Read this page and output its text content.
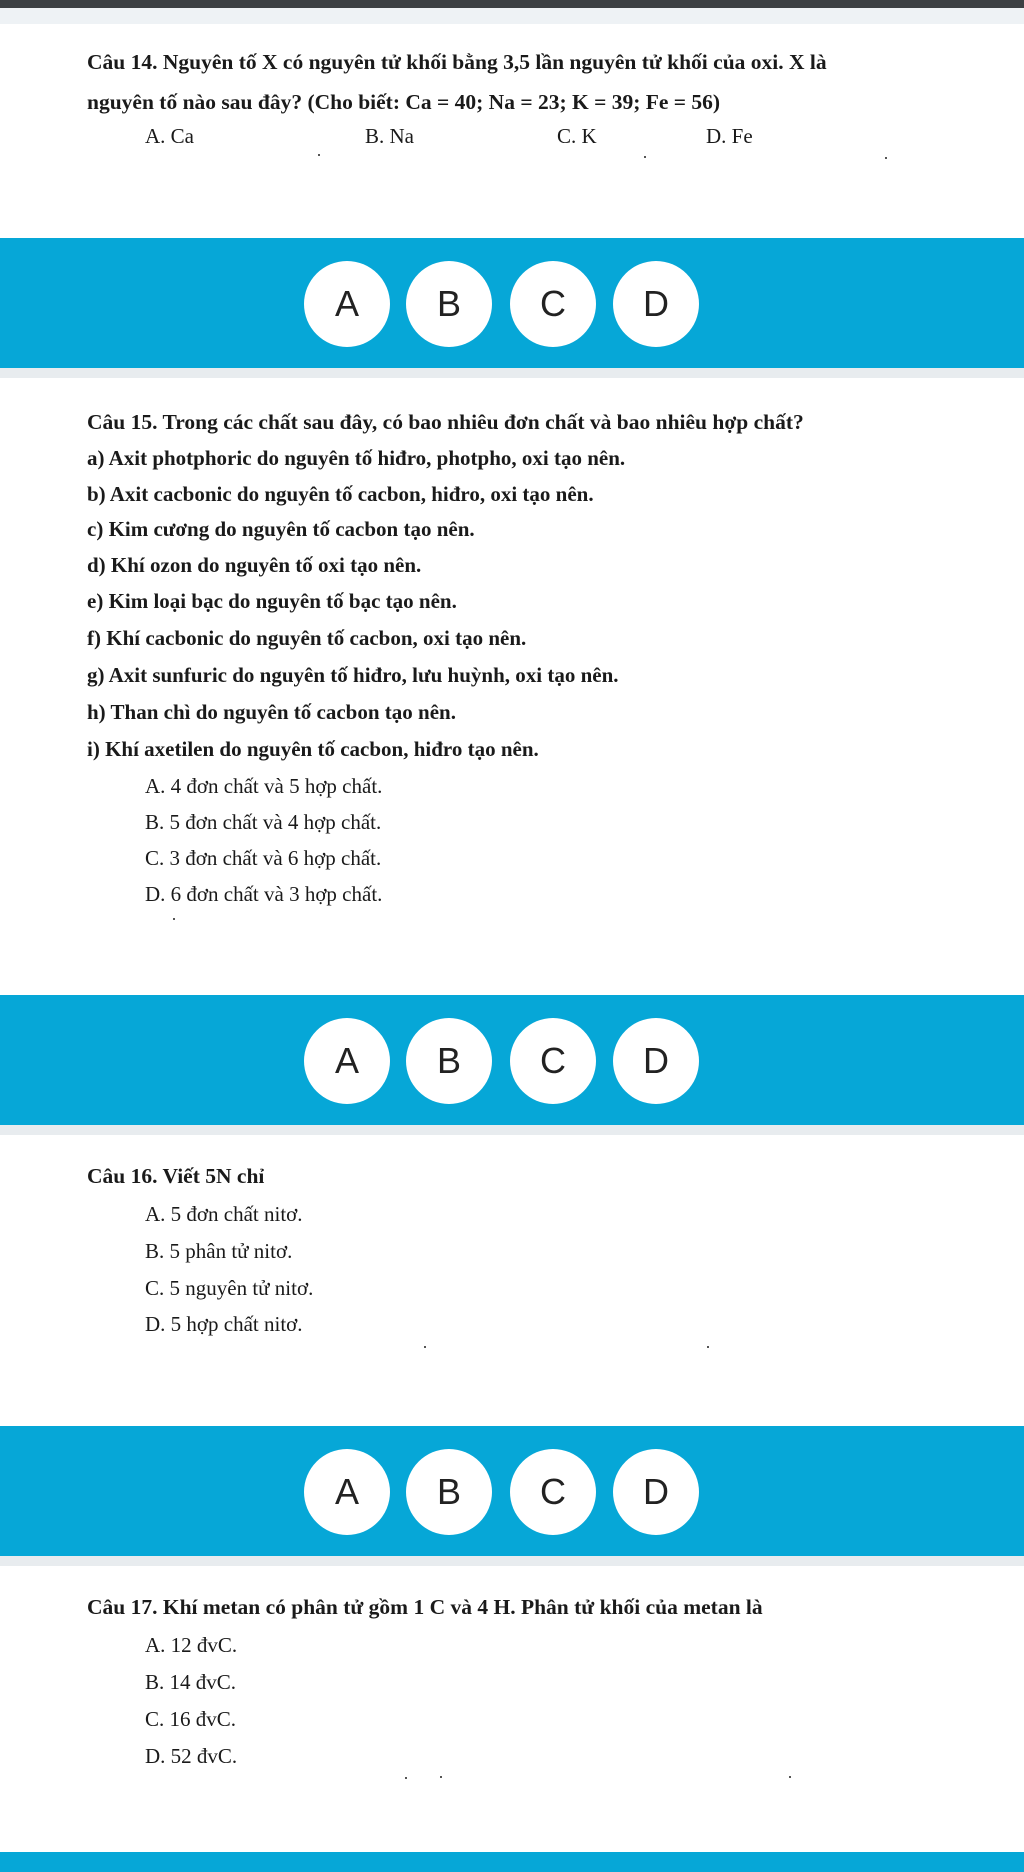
Câu 14. Nguyên tố X có nguyên tử khối bằng 3,5 lần nguyên tử khối của oxi. X là
nguyên tố nào sau đây? (Cho biết: Ca = 40; Na = 23; K = 39; Fe = 56)
A. Ca	B. Na	C. K	D. Fe
A	B	C	D
Câu 15. Trong các chất sau đây, có bao nhiêu đơn chất và bao nhiêu hợp chất?
a) Axit photphoric do nguyên tố hiđro, photpho, oxi tạo nên.
b) Axit cacbonic do nguyên tố cacbon, hiđro, oxi tạo nên.
c) Kim cương do nguyên tố cacbon tạo nên.
d) Khí ozon do nguyên tố oxi tạo nên.
e) Kim loại bạc do nguyên tố bạc tạo nên.
f) Khí cacbonic do nguyên tố cacbon, oxi tạo nên.
g) Axit sunfuric do nguyên tố hiđro, lưu huỳnh, oxi tạo nên.
h) Than chì do nguyên tố cacbon tạo nên.
i) Khí axetilen do nguyên tố cacbon, hiđro tạo nên.
A. 4 đơn chất và 5 hợp chất.
B. 5 đơn chất và 4 hợp chất.
C. 3 đơn chất và 6 hợp chất.
D. 6 đơn chất và 3 hợp chất.
A	B	C	D
Câu 16. Viết 5N chỉ
A. 5 đơn chất nitơ.
B. 5 phân tử nitơ.
C. 5 nguyên tử nitơ.
D. 5 hợp chất nitơ.
A	B	C	D
Câu 17. Khí metan có phân tử gồm 1 C và 4 H. Phân tử khối của metan là
A. 12 đvC.
B. 14 đvC.
C. 16 đvC.
D. 52 đvC.
